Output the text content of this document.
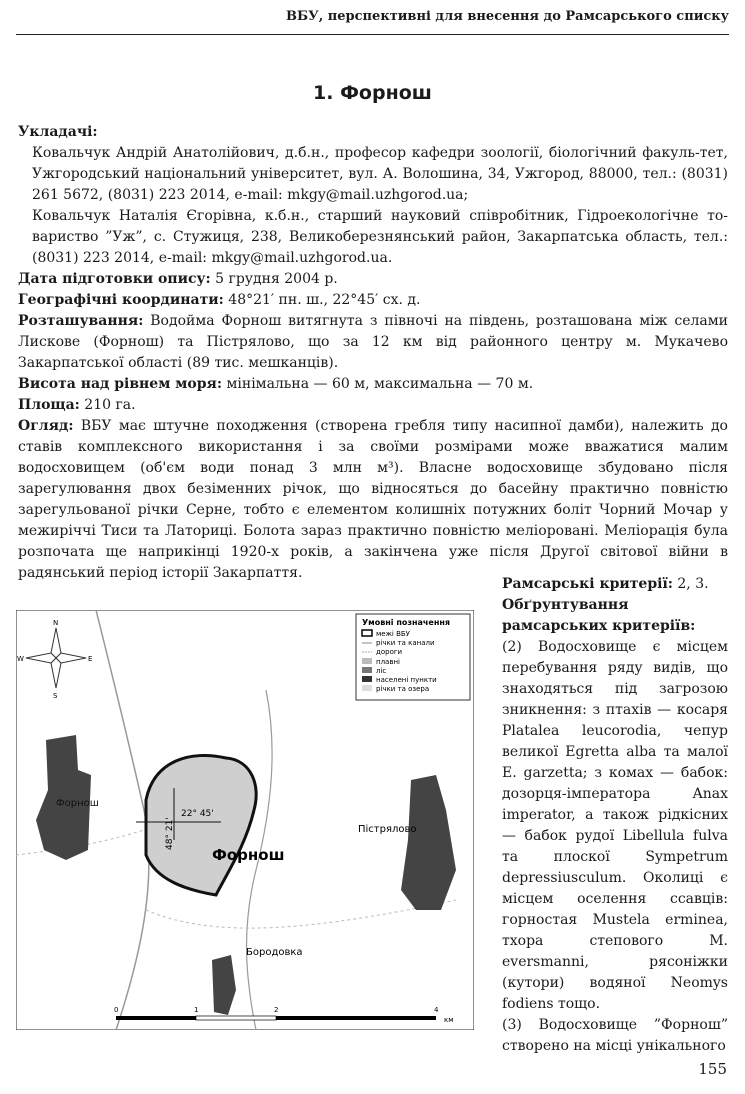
ВБУ, перспективні для внесення до Рамсарського списку
1. Форнош

Укладачі:

Ковальчук Андрій Анатолійович, д.б.н., професор кафедри зоології, біологічний факуль-тет, Ужгородський національний університет, вул. А. Волошина, 34, Ужгород, 88000, тел.: (8031) 261 5672, (8031) 223 2014, e-mail: mkgy@mail.uzhgorod.ua;

Ковальчук Наталія Єгорівна, к.б.н., старший науковий співробітник, Гідроекологічне то-вариство ”Уж”, с. Стужиця, 238, Великоберезнянський район, Закарпатська область, тел.: (8031) 223 2014, e-mail: mkgy@mail.uzhgorod.ua.

Дата підготовки опису: 5 грудня 2004 р.

Географічні координати: 48°21′ пн. ш., 22°45′ сх. д.

Розташування: Водойма Форнош витягнута з півночі на південь, розташована між селами Лискове (Форнош) та Пістрялово, що за 12 км від районного центру м. Мукачево Закарпатської області (89 тис. мешканців).

Висота над рівнем моря: мінімальна — 60 м, максимальна — 70 м.

Площа: 210 га.

Огляд: ВБУ має штучне походження (створена гребля типу насипної дамби), належить до ставів комплексного використання і за своїми розмірами може вважатися малим водосховищем (об'єм води понад 3 млн м³). Власне водосховище збудовано після зарегулювання двох безіменних річок, що відносяться до басейну практично повністю зарегульованої річки Серне, тобто є елементом колишніх потужних боліт Чорний Мочар у межиріччі Тиси та Латориці. Болота зараз практично повністю меліоровані. Меліорація була розпочата ще наприкінці 1920-х років, а закінчена уже після Другої світової війни в радянський період історії Закарпаття.

Рамсарські критерії: 2, 3.

Обґрунтування рамсарських критеріїв:

(2) Водосховище є місцем перебування ряду видів, що знаходяться під загрозою зникнення: з птахів — косаря Platalea leucorodia, чепур великої Egretta alba та малої E. garzetta; з комах — бабок: дозорця-імператора Anax imperator, а також рідкісних — бабок рудої Libellula fulva та плоскої Sympetrum depressiusculum. Околиці є місцем оселення ссавців: горностая Mustela erminea, тхора степового M. eversmanni, рясоніжки (кутори) водяної Neomys fodiens тощо.

(3) Водосховище ”Форнош” створено на місці унікального

22° 45'
48° 21'
Форнош
Форнош
Пістрялово
Бородовка
N
E
S
W
Умовні позначення
межі ВБУ
річки та канали
дороги
плавні
ліс
населені пункти
річки та озера
0	1	2	4
км
155
